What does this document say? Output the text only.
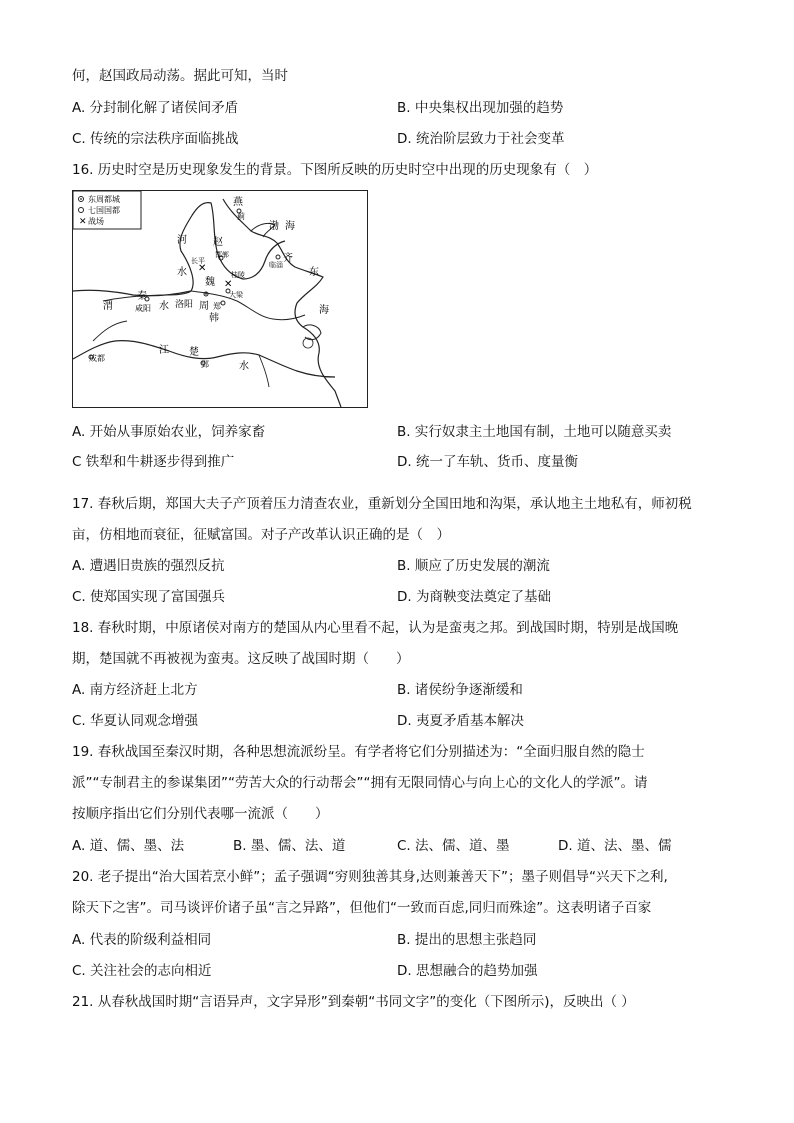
何，赵国政局动荡。据此可知，当时
A. 分封制化解了诸侯间矛盾	B. 中央集权出现加强的趋势
C. 传统的宗法秩序面临挑战	D. 统治阶层致力于社会变革
16. 历史时空是历史现象发生的背景。下图所反映的历史时空中出现的历史现象有（　）
✕
东周都城
七国国都
战场
✕
✕
燕
蓟
渤海
河
水
赵
邯郸
长平	齐
临淄
魏
桂陵
大梁
东
秦
咸阳
渭	水 洛阳 周 郑
韩
海
成都
江 楚
郢	水
A. 开始从事原始农业，饲养家畜	B. 实行奴隶主土地国有制，土地可以随意买卖
C 铁犁和牛耕逐步得到推广	D. 统一了车轨、货币、度量衡
17. 春秋后期，郑国大夫子产顶着压力清查农业，重新划分全国田地和沟渠，承认地主土地私有，师初税
亩，仿相地而衰征，征赋富国。对子产改革认识正确的是（　）
A. 遭遇旧贵族的强烈反抗	B. 顺应了历史发展的潮流
C. 使郑国实现了富国强兵	D. 为商鞅变法奠定了基础
18. 春秋时期，中原诸侯对南方的楚国从内心里看不起，认为是蛮夷之邦。到战国时期，特别是战国晚
期，楚国就不再被视为蛮夷。这反映了战国时期（　　）
A. 南方经济赶上北方	B. 诸侯纷争逐渐缓和
C. 华夏认同观念增强	D. 夷夏矛盾基本解决
19. 春秋战国至秦汉时期，各种思想流派纷呈。有学者将它们分别描述为：“全面归服自然的隐士
派”“专制君主的参谋集团”“劳苦大众的行动帮会”“拥有无限同情心与向上心的文化人的学派”。请
按顺序指出它们分别代表哪一流派（　　）
A. 道、儒、墨、法	B. 墨、儒、法、道	C. 法、儒、道、墨	D. 道、法、墨、儒
20. 老子提出“治大国若烹小鲜”；孟子强调“穷则独善其身,达则兼善天下”；墨子则倡导“兴天下之利,
除天下之害”。司马谈评价诸子虽“言之异路”，但他们“一致而百虑,同归而殊途”。这表明诸子百家
A. 代表的阶级利益相同	B. 提出的思想主张趋同
C. 关注社会的志向相近	D. 思想融合的趋势加强
21. 从春秋战国时期“言语异声，文字异形”到秦朝“书同文字”的变化（下图所示)，反映出（ ）
